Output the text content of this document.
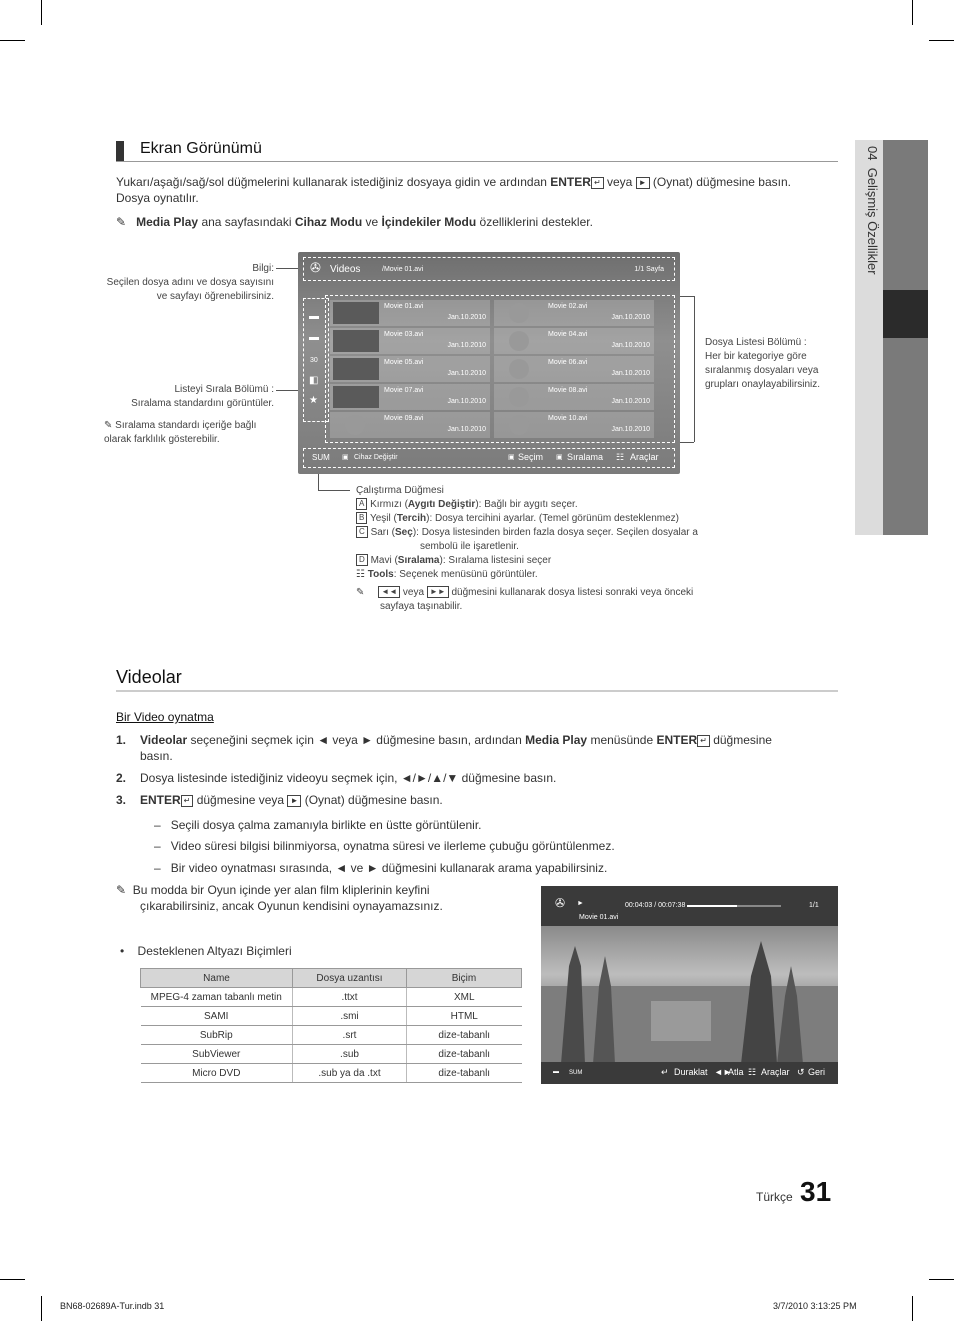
04  Gelişmiş Özellikler
Ekran Görünümü
Yukarı/aşağı/sağ/sol düğmelerini kullanarak istediğiniz dosyaya gidin ve ardından ENTER ↵ veya ► (Oynat) düğmesine basın.
Dosya oynatılır.
✎ Media Play ana sayfasındaki Cihaz Modu ve İçindekiler Modu özelliklerini destekler.
Bilgi:
Seçilen dosya adını ve dosya sayısını ve sayfayı öğrenebilirsiniz.
Listeyi Sırala Bölümü :
Sıralama standardını görüntüler.
✎ Sıralama standardı içeriğe bağlı olarak farklılık gösterebilir.
Dosya Listesi Bölümü :
Her bir kategoriye göre sıralanmış dosyaları veya grupları onaylayabilirsiniz.
✇ Videos	/Movie 01.avi	1/1 Sayfa
▬
▬
30
◧
★
Movie 01.avi
Jan.10.2010
Movie 02.avi
Jan.10.2010
Movie 03.avi
Jan.10.2010
Movie 04.avi
Jan.10.2010
Movie 05.avi
Jan.10.2010
Movie 06.avi
Jan.10.2010
Movie 07.avi
Jan.10.2010
Movie 08.avi
Jan.10.2010
Movie 09.avi
Jan.10.2010
Movie 10.avi
Jan.10.2010
SUM ▣ Cihaz Değiştir	▣ Seçim ▣ Sıralama ☷ Araçlar
Çalıştırma Düğmesi
A Kırmızı (Aygıtı Değiştir): Bağlı bir aygıtı seçer.
B Yeşil (Tercih): Dosya tercihini ayarlar. (Temel görünüm desteklenmez)
C Sarı (Seç): Dosya listesinden birden fazla dosya seçer. Seçilen dosyalar a
sembolü ile işaretlenir.
D Mavi (Sıralama): Sıralama listesini seçer
☷ Tools: Seçenek menüsünü görüntüler.
✎ ◄◄ veya ►► düğmesini kullanarak dosya listesi sonraki veya önceki
sayfaya taşınabilir.
Videolar
Bir Video oynatma
1. Videolar seçeneğini seçmek için ◄ veya ► düğmesine basın, ardından Media Play menüsünde ENTER ↵ düğmesine
basın.
2. Dosya listesinde istediğiniz videoyu seçmek için, ◄/►/▲/▼ düğmesine basın.
3. ENTER ↵ düğmesine veya ► (Oynat) düğmesine basın.
–   Seçili dosya çalma zamanıyla birlikte en üstte görüntülenir.
–   Video süresi bilgisi bilinmiyorsa, oynatma süresi ve ilerleme çubuğu görüntülenmez.
–   Bir video oynatması sırasında, ◄ ve ► düğmesini kullanarak arama yapabilirsiniz.
✎ Bu modda bir Oyun içinde yer alan film kliplerinin keyfini
çıkarabilirsiniz, ancak Oyunun kendisini oynayamazsınız.
•    Desteklenen Altyazı Biçimleri
Name	Dosya uzantısı	Biçim
MPEG-4 zaman tabanlı metin	.ttxt	XML
SAMI	.smi	HTML
SubRip	.srt	dize-tabanlı
SubViewer	.sub	dize-tabanlı
Micro DVD	.sub ya da .txt	dize-tabanlı
✇ ►	00:04:03 / 00:07:38	1/1
Movie 01.avi
▬ SUM	↵ Duraklat ◄►
Atla ☷ Araçlar ↺ Geri
Türkçe 31
BN68-02689A-Tur.indb 31	3/7/2010 3:13:25 PM
